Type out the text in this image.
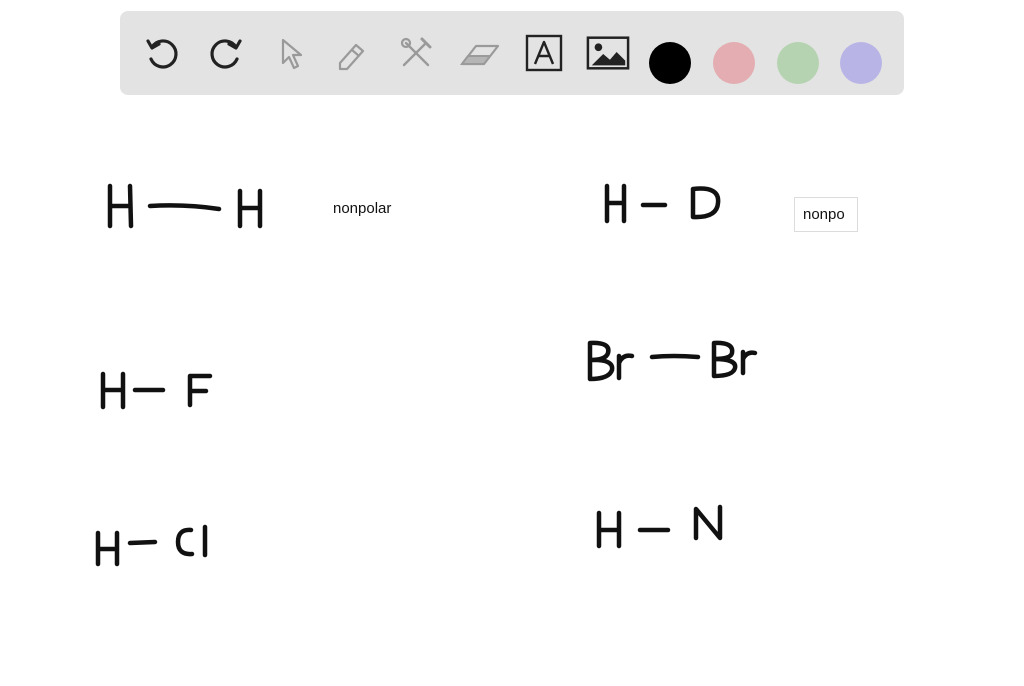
nonpolar
nonpo
